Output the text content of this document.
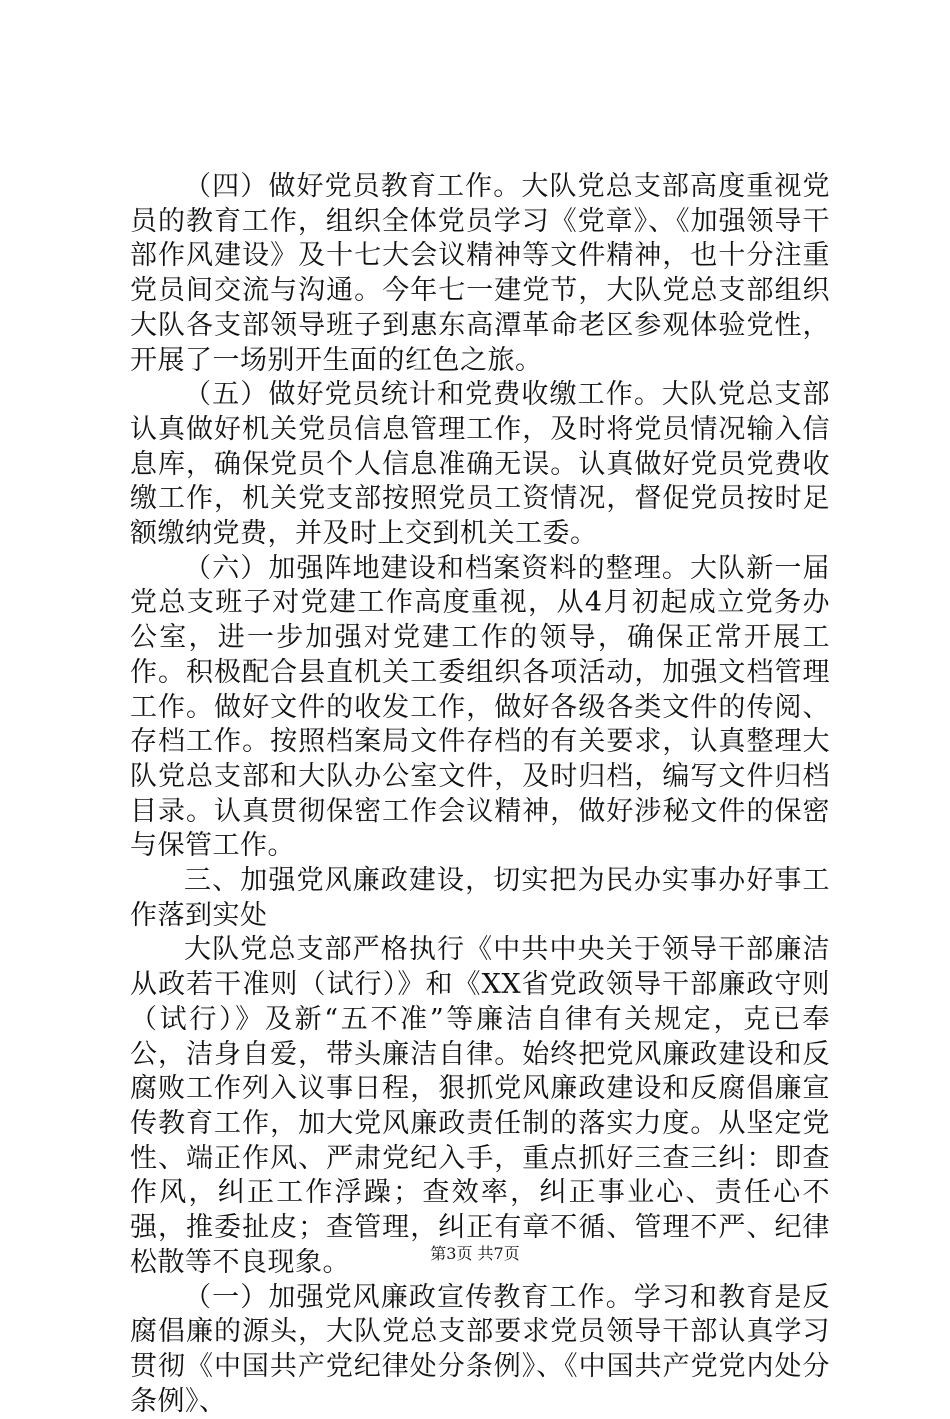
（四）做好党员教育工作。大队党总支部高度重视党员的教育工作，组织全体党员学习《党章》、《加强领导干部作风建设》及十七大会议精神等文件精神，也十分注重党员间交流与沟通。今年七一建党节，大队党总支部组织大队各支部领导班子到惠东高潭革命老区参观体验党性，开展了一场别开生面的红色之旅。

（五）做好党员统计和党费收缴工作。大队党总支部认真做好机关党员信息管理工作，及时将党员情况输入信息库，确保党员个人信息准确无误。认真做好党员党费收缴工作，机关党支部按照党员工资情况，督促党员按时足额缴纳党费，并及时上交到机关工委。

（六）加强阵地建设和档案资料的整理。大队新一届党总支班子对党建工作高度重视，从4月初起成立党务办公室，进一步加强对党建工作的领导，确保正常开展工作。积极配合县直机关工委组织各项活动，加强文档管理工作。做好文件的收发工作，做好各级各类文件的传阅、存档工作。按照档案局文件存档的有关要求，认真整理大队党总支部和大队办公室文件，及时归档，编写文件归档目录。认真贯彻保密工作会议精神，做好涉秘文件的保密与保管工作。

三、加强党风廉政建设，切实把为民办实事办好事工作落到实处

大队党总支部严格执行《中共中央关于领导干部廉洁从政若干准则（试行）》和《XX省党政领导干部廉政守则（试行）》及新“五不准”等廉洁自律有关规定，克已奉公，洁身自爱，带头廉洁自律。始终把党风廉政建设和反腐败工作列入议事日程，狠抓党风廉政建设和反腐倡廉宣传教育工作，加大党风廉政责任制的落实力度。从坚定党性、端正作风、严肃党纪入手，重点抓好三查三纠：即查作风，纠正工作浮躁；查效率，纠正事业心、责任心不强，推委扯皮；查管理，纠正有章不循、管理不严、纪律松散等不良现象。

（一）加强党风廉政宣传教育工作。学习和教育是反腐倡廉的源头，大队党总支部要求党员领导干部认真学习贯彻《中国共产党纪律处分条例》、《中国共产党党内处分条例》、

第3页 共7页
